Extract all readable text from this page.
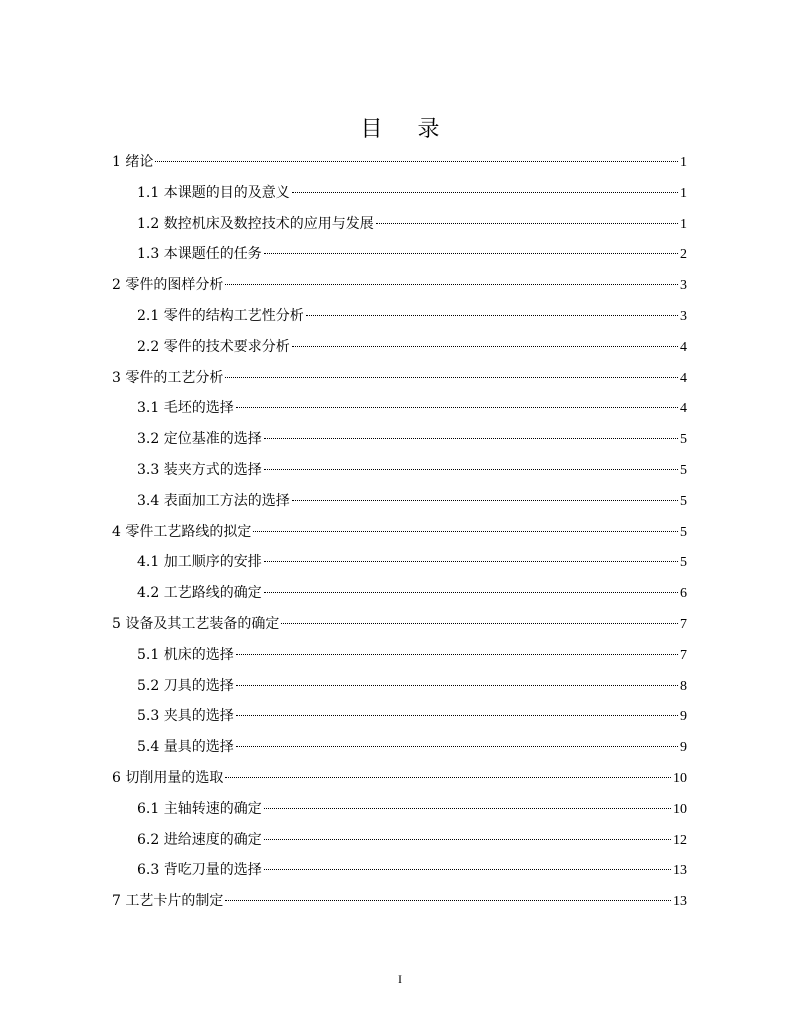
目 录
1 绪论	1
1.1 本课题的目的及意义	1
1.2 数控机床及数控技术的应用与发展	1
1.3 本课题任的任务	2
2 零件的图样分析	3
2.1 零件的结构工艺性分析	3
2.2 零件的技术要求分析	4
3 零件的工艺分析	4
3.1 毛坯的选择	4
3.2 定位基准的选择	5
3.3 装夹方式的选择	5
3.4 表面加工方法的选择	5
4 零件工艺路线的拟定	5
4.1 加工顺序的安排	5
4.2 工艺路线的确定	6
5 设备及其工艺装备的确定	7
5.1 机床的选择	7
5.2 刀具的选择	8
5.3 夹具的选择	9
5.4 量具的选择	9
6 切削用量的选取	10
6.1 主轴转速的确定	10
6.2 进给速度的确定	12
6.3 背吃刀量的选择	13
7 工艺卡片的制定	13
I
